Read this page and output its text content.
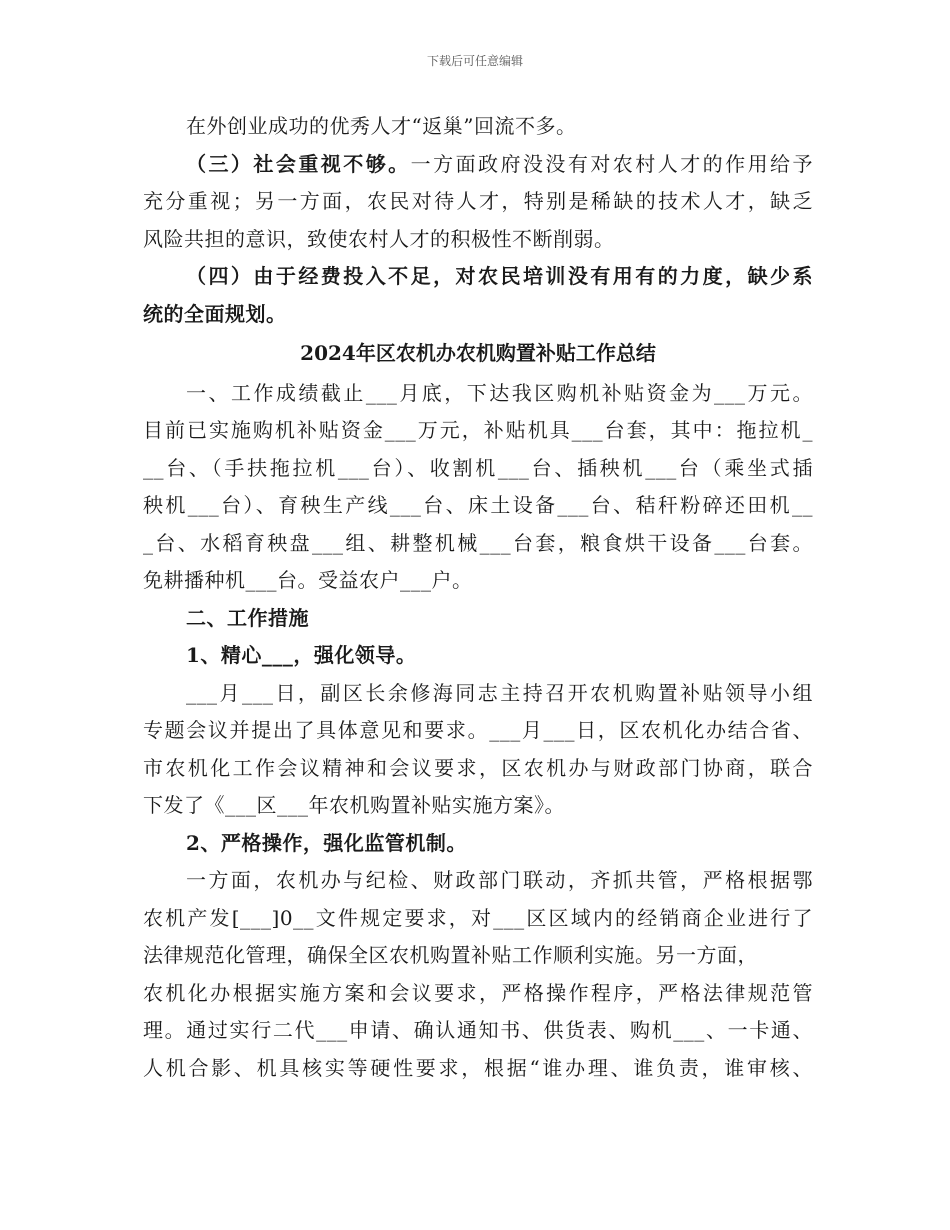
下载后可任意编辑
在外创业成功的优秀人才“返巢”回流不多。
（三）社会重视不够。一方面政府没没有对农村人才的作用给予
充分重视；另一方面，农民对待人才，特别是稀缺的技术人才，缺乏
风险共担的意识，致使农村人才的积极性不断削弱。
（四）由于经费投入不足，对农民培训没有用有的力度，缺少系
统的全面规划。
2024年区农机办农机购置补贴工作总结
一、工作成绩截止___月底，下达我区购机补贴资金为___万元。
目前已实施购机补贴资金___万元，补贴机具___台套，其中：拖拉机_
__台、（手扶拖拉机___台）、收割机___台、插秧机___台（乘坐式插
秧机___台）、育秧生产线___台、床土设备___台、秸秆粉碎还田机__
_台、水稻育秧盘___组、耕整机械___台套，粮食烘干设备___台套。
免耕播种机___台。受益农户___户。
二、工作措施
1、精心___，强化领导。
___月___日，副区长余修海同志主持召开农机购置补贴领导小组
专题会议并提出了具体意见和要求。___月___日，区农机化办结合省、
市农机化工作会议精神和会议要求，区农机办与财政部门协商，联合
下发了《___区___年农机购置补贴实施方案》。
2、严格操作，强化监管机制。
一方面，农机办与纪检、财政部门联动，齐抓共管，严格根据鄂
农机产发[___]0__文件规定要求，对___区区域内的经销商企业进行了
法律规范化管理，确保全区农机购置补贴工作顺利实施。另一方面，
农机化办根据实施方案和会议要求，严格操作程序，严格法律规范管
理。通过实行二代___申请、确认通知书、供货表、购机___、一卡通、
人机合影、机具核实等硬性要求，根据“谁办理、谁负责，谁审核、
